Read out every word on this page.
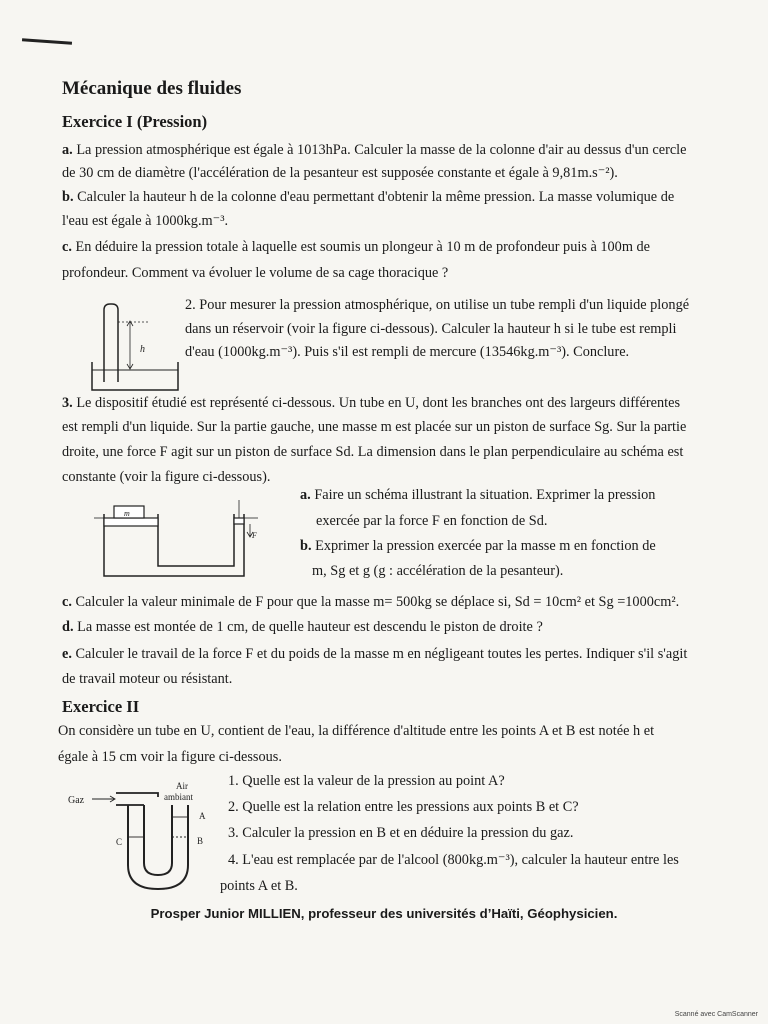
Mécanique des fluides
Exercice I (Pression)
a. La pression atmosphérique est égale à 1013hPa. Calculer la masse de la colonne d'air au dessus d'un cercle
de 30 cm de diamètre (l'accélération de la pesanteur est supposée constante et égale à 9,81m.s⁻²).
b. Calculer la hauteur h de la colonne d'eau permettant d'obtenir la même pression. La masse volumique de
l'eau est égale à 1000kg.m⁻³.
c. En déduire la pression totale à laquelle est soumis un plongeur à 10 m de profondeur puis à 100m de
profondeur. Comment va évoluer le volume de sa cage thoracique ?
h
2. Pour mesurer la pression atmosphérique, on utilise un tube rempli d'un liquide plongé
dans un réservoir (voir la figure ci-dessous). Calculer la hauteur h si le tube est rempli
d'eau (1000kg.m⁻³). Puis s'il est rempli de mercure (13546kg.m⁻³). Conclure.
3. Le dispositif étudié est représenté ci-dessous. Un tube en U, dont les branches ont des largeurs différentes
est rempli d'un liquide. Sur la partie gauche, une masse m est placée sur un piston de surface Sg. Sur la partie
droite, une force F agit sur un piston de surface Sd. La dimension dans le plan perpendiculaire au schéma est
constante (voir la figure ci-dessous).
m
F
a. Faire un schéma illustrant la situation. Exprimer la pression
exercée par la force F en fonction de Sd.
b. Exprimer la pression exercée par la masse m en fonction de
m, Sg et g (g : accélération de la pesanteur).
c. Calculer la valeur minimale de F pour que la masse m= 500kg se déplace si, Sd = 10cm² et Sg =1000cm².
d. La masse est montée de 1 cm, de quelle hauteur est descendu le piston de droite ?
e. Calculer le travail de la force F et du poids de la masse m en négligeant toutes les pertes. Indiquer s'il s'agit
de travail moteur ou résistant.
Exercice II
On considère un tube en U, contient de l'eau, la différence d'altitude entre les points A et B est notée h et
égale à 15 cm voir la figure ci-dessous.
Gaz
Air
ambiant
A
B
C
1. Quelle est la valeur de la pression au point A?
2. Quelle est la relation entre les pressions aux points B et C?
3. Calculer la pression en B et en déduire la pression du gaz.
4. L'eau est remplacée par de l'alcool (800kg.m⁻³), calculer la hauteur entre les
points A et B.
Prosper Junior MILLIEN, professeur des universités d’Haïti, Géophysicien.
Scanné avec CamScanner
